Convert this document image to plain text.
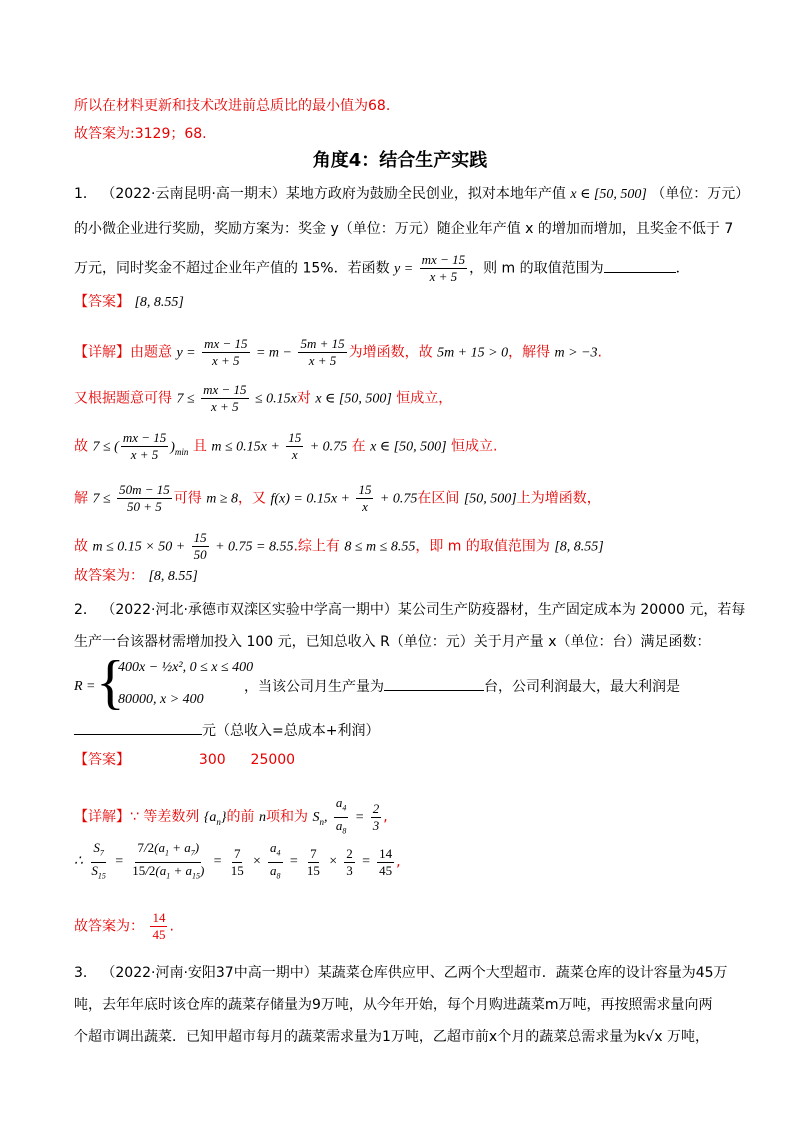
所以在材料更新和技术改进前总质比的最小值为68.
故答案为:3129；68.
角度4：结合生产实践
1． （2022·云南昆明·高一期末）某地方政府为鼓励全民创业，拟对本地年产值 x ∈ [50, 500] （单位：万元）
的小微企业进行奖励，奖励方案为：奖金 y（单位：万元）随企业年产值 x 的增加而增加，且奖金不低于 7
万元，同时奖金不超过企业年产值的 15%．若函数 $y = \frac{mx - 15}{x + 5}$ ，则 m 的取值范围为	．
【答案】 [8, 8.55]
【详解】由题意 $y = \frac{mx - 15}{x + 5} = m - \frac{5m + 15}{x + 5}$ 为增函数，故 5m + 15 > 0，解得 m > −3.
又根据题意可得 $7 \le \frac{mx - 15}{x + 5} \le 0.15x$对 x ∈ [50, 500] 恒成立，
故 7 ≤ ( $\frac{mx - 15}{x + 5} )_{min}$ 且 $m \le 0.15x + \frac{15}{x} + 0.75$ 在 x ∈ [50, 500] 恒成立.
解 $7 \le \frac{50m - 15}{50 + 5}$ 可得 m ≥ 8，又 $f(x) = 0.15x + \frac{15}{x} + 0.75$在区间 [50, 500]上为增函数，
故 $m \le 0.15 \times 50 + \frac{15}{50} + 0.75 = 8.55$.综上有 8 ≤ m ≤ 8.55，即 m 的取值范围为 [8, 8.55]
故答案为： [8, 8.55]
2． （2022·河北·承德市双滦区实验中学高一期中）某公司生产防疫器材，生产固定成本为 20000 元，若每
生产一台该器材需增加投入 100 元，已知总收入 R（单位：元）关于月产量 x（单位：台）满足函数：
R = {
400x − ½x², 0 ≤ x ≤ 400
80000, x > 400
，当该公司月生产量为	台，公司利润最大，最大利润是
元（总收入=总成本+利润）
【答案】	300 25000
【详解】∵ 等差数列 $\{a_n\}$的前 n项和为 $S_n$, $\frac{a_4}{a_8} = \frac{2}{3}$ ,
∴ $\frac{S_7}{S_{15}} = \frac{7/2(a_1 + a_7)}{15/2(a_1 + a_{15})} = \frac{7}{15} \times \frac{a_4}{a_8} = \frac{7}{15} \times \frac{2}{3} = \frac{14}{45}$ ,
故答案为： $\frac{14}{45}$ .
3． （2022·河南·安阳37中高一期中）某蔬菜仓库供应甲、乙两个大型超市．蔬菜仓库的设计容量为45万
吨，去年年底时该仓库的蔬菜存储量为9万吨，从今年开始，每个月购进蔬菜m万吨，再按照需求量向两
个超市调出蔬菜．已知甲超市每月的蔬菜需求量为1万吨，乙超市前x个月的蔬菜总需求量为k√x 万吨，
